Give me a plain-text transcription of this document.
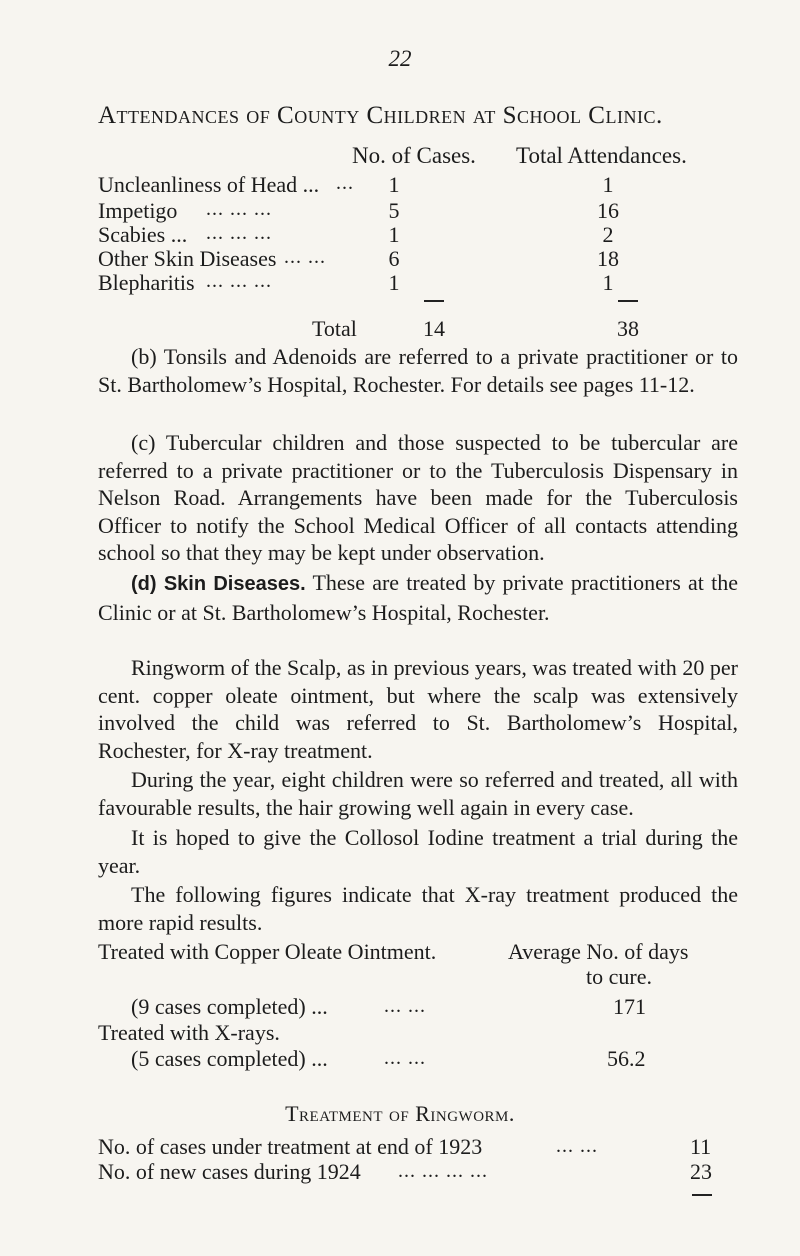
22
Attendances of County Children at School Clinic.
No. of Cases. Total Attendances.
Uncleanliness of Head ... ...	1	1
Impetigo ... ... ...	5	16
Scabies ... ... ... ...	1	2
Other Skin Diseases ... ...	6	18
Blepharitis ... ... ...	1	1
Total	14	38

(b) Tonsils and Adenoids are referred to a private practitioner or to St. Bartholomew’s Hospital, Rochester. For details see pages 11-12.

(c) Tubercular children and those suspected to be tubercular are referred to a private practitioner or to the Tuberculosis Dispensary in Nelson Road. Arrangements have been made for the Tuberculosis Officer to notify the School Medical Officer of all contacts attending school so that they may be kept under observation.

(d) Skin Diseases. These are treated by private practitioners at the Clinic or at St. Bartholomew’s Hospital, Rochester.

Ringworm of the Scalp, as in previous years, was treated with 20 per cent. copper oleate ointment, but where the scalp was extensively involved the child was referred to St. Bartholomew’s Hospital, Rochester, for X-ray treatment.

During the year, eight children were so referred and treated, all with favourable results, the hair growing well again in every case.

It is hoped to give the Collosol Iodine treatment a trial during the year.

The following figures indicate that X-ray treatment produced the more rapid results.

Treated with Copper Oleate Ointment.	Average No. of days
to cure.
(9 cases completed) ...	... ...	171
Treated with X-rays.
(5 cases completed) ...	... ...	56.2
Treatment of Ringworm.
No. of cases under treatment at end of 1923	... ...	11
No. of new cases during 1924 ... ... ... ...	23
